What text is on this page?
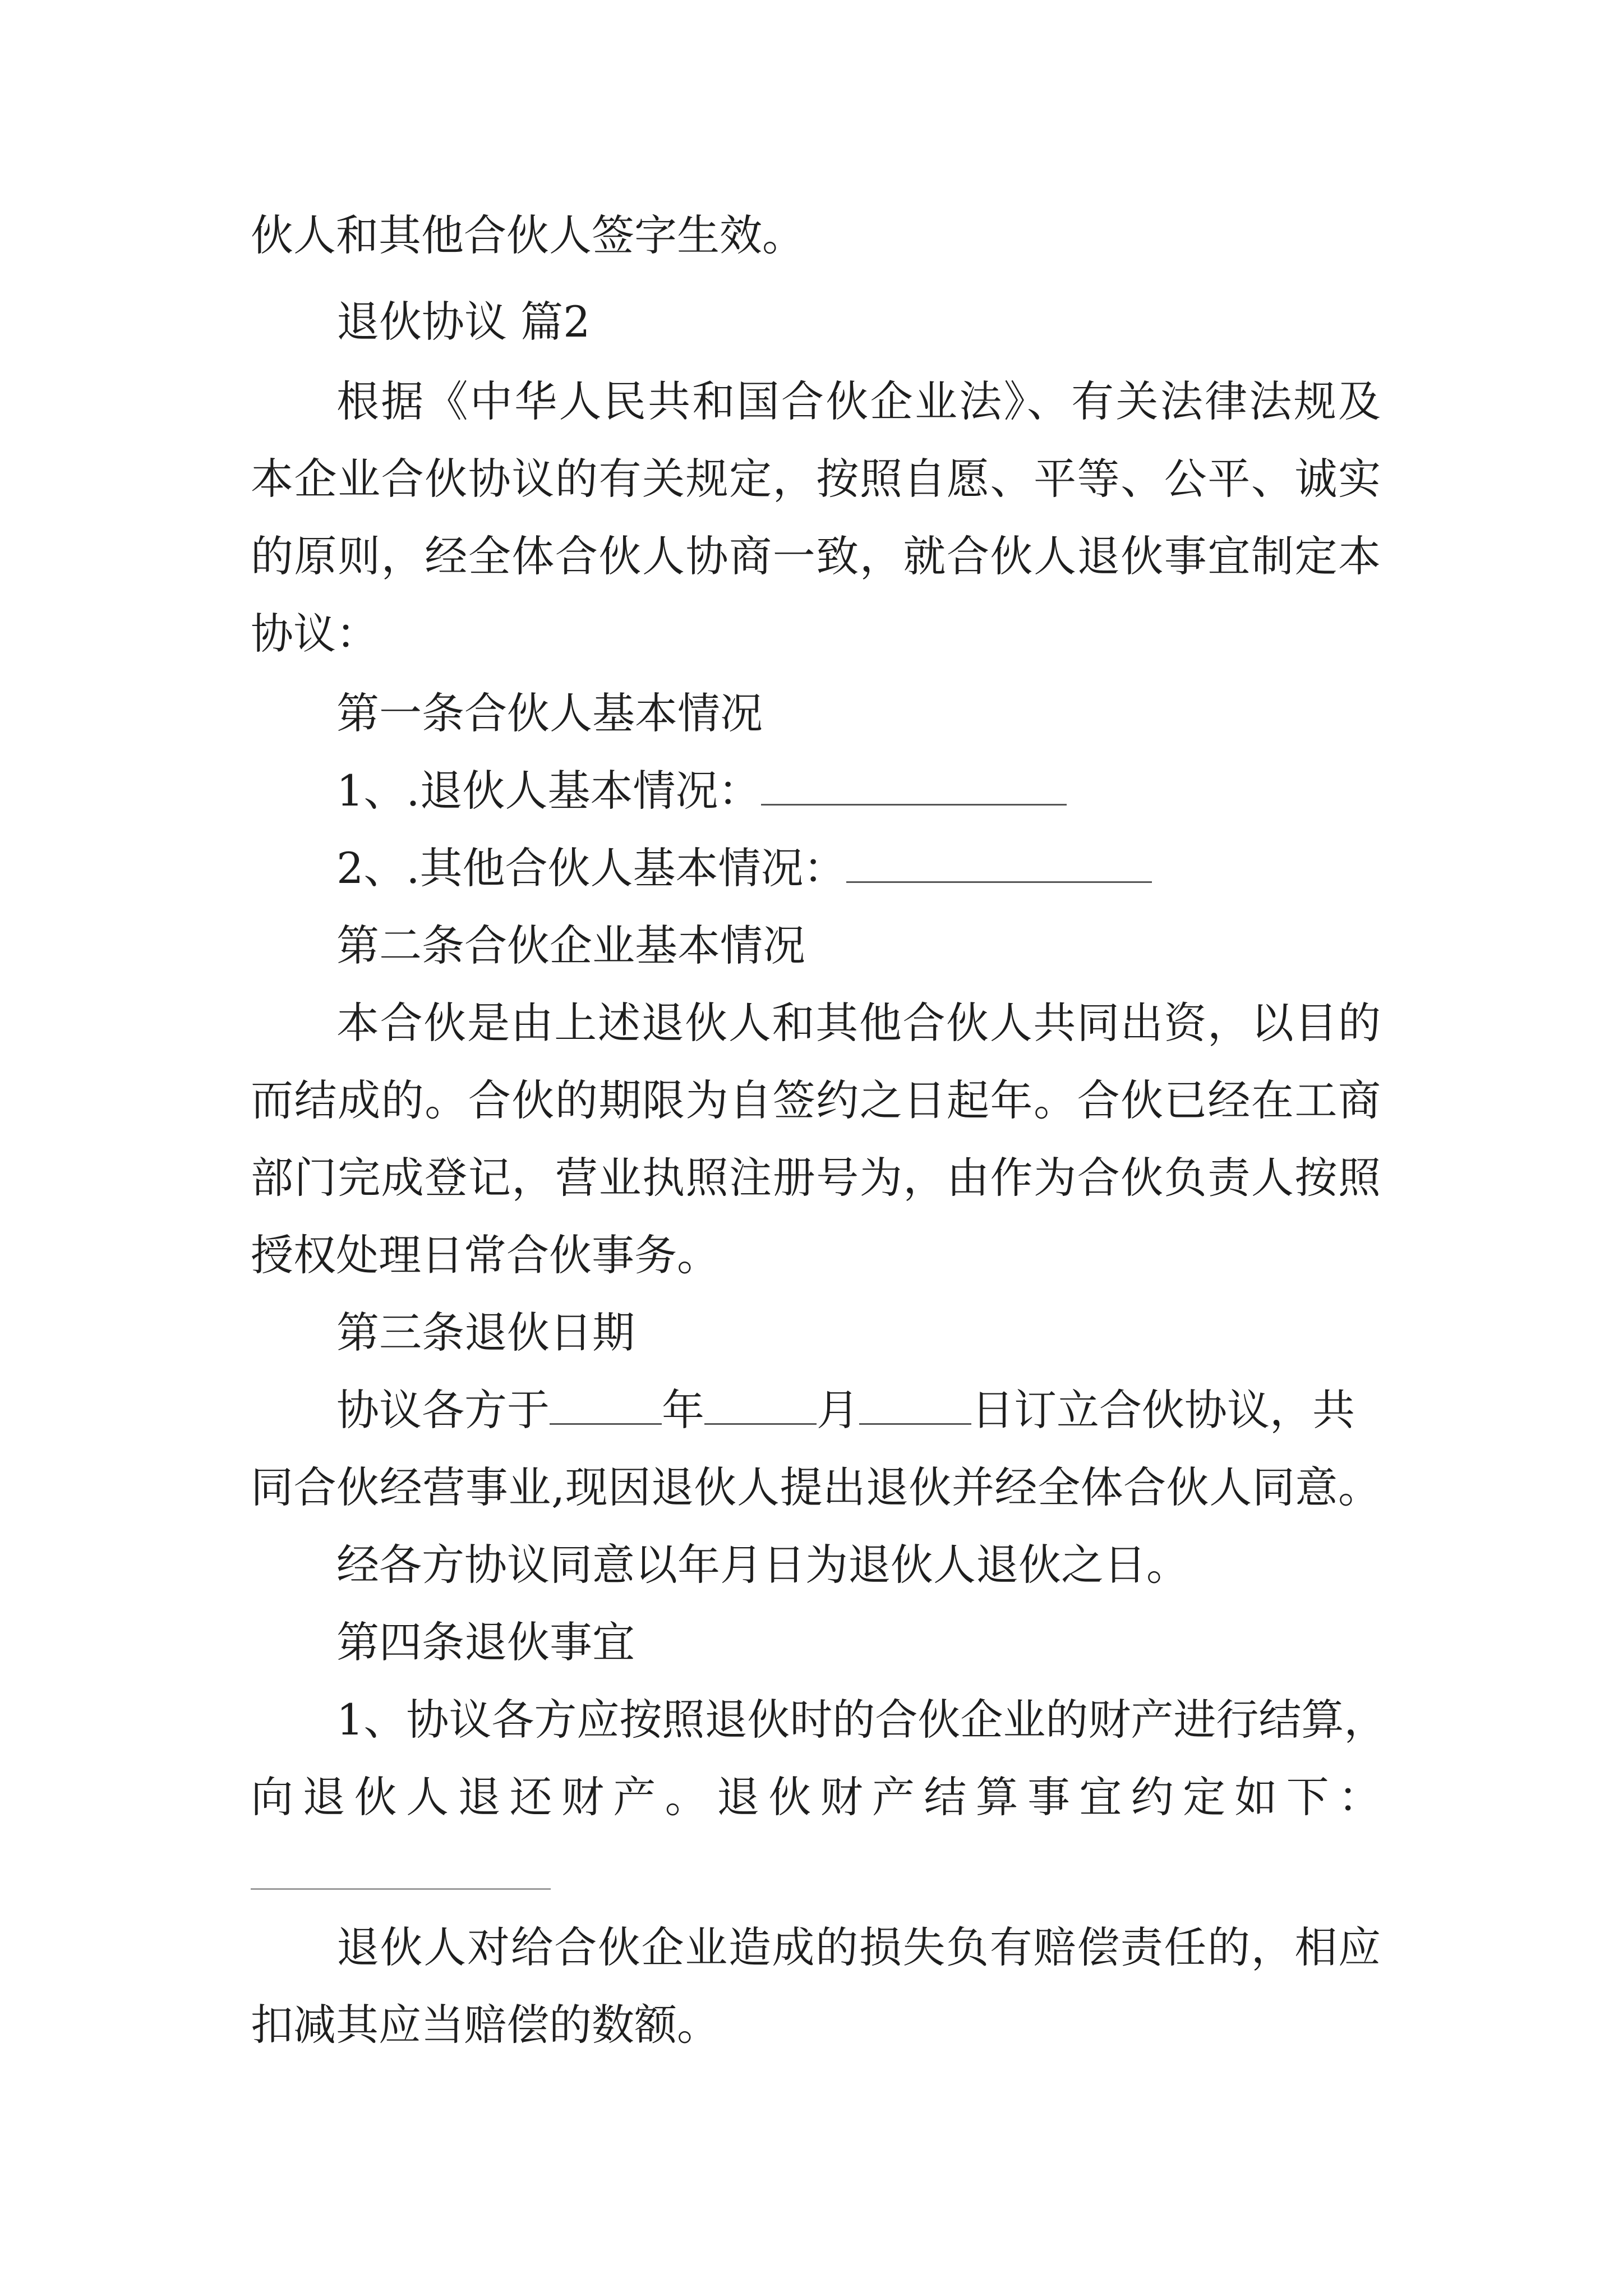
伙人和其他合伙人签字生效。
退伙协议 篇2
根据《中华人民共和国合伙企业法》、有关法律法规及
本企业合伙协议的有关规定，按照自愿、平等、公平、诚实
的原则，经全体合伙人协商一致，就合伙人退伙事宜制定本
协议：
第一条合伙人基本情况
1、.退伙人基本情况：
2、.其他合伙人基本情况：
第二条合伙企业基本情况
本合伙是由上述退伙人和其他合伙人共同出资，以目的
而结成的。合伙的期限为自签约之日起年。合伙已经在工商
部门完成登记，营业执照注册号为，由作为合伙负责人按照
授权处理日常合伙事务。
第三条退伙日期
协议各方于	年	月	日订立合伙协议，共
同合伙经营事业,现因退伙人提出退伙并经全体合伙人同意。
经各方协议同意以年月日为退伙人退伙之日。
第四条退伙事宜
1、协议各方应按照退伙时的合伙企业的财产进行结算，
向退伙人退还财产。退伙财产结算事宜约定如下：
退伙人对给合伙企业造成的损失负有赔偿责任的，相应
扣减其应当赔偿的数额。
